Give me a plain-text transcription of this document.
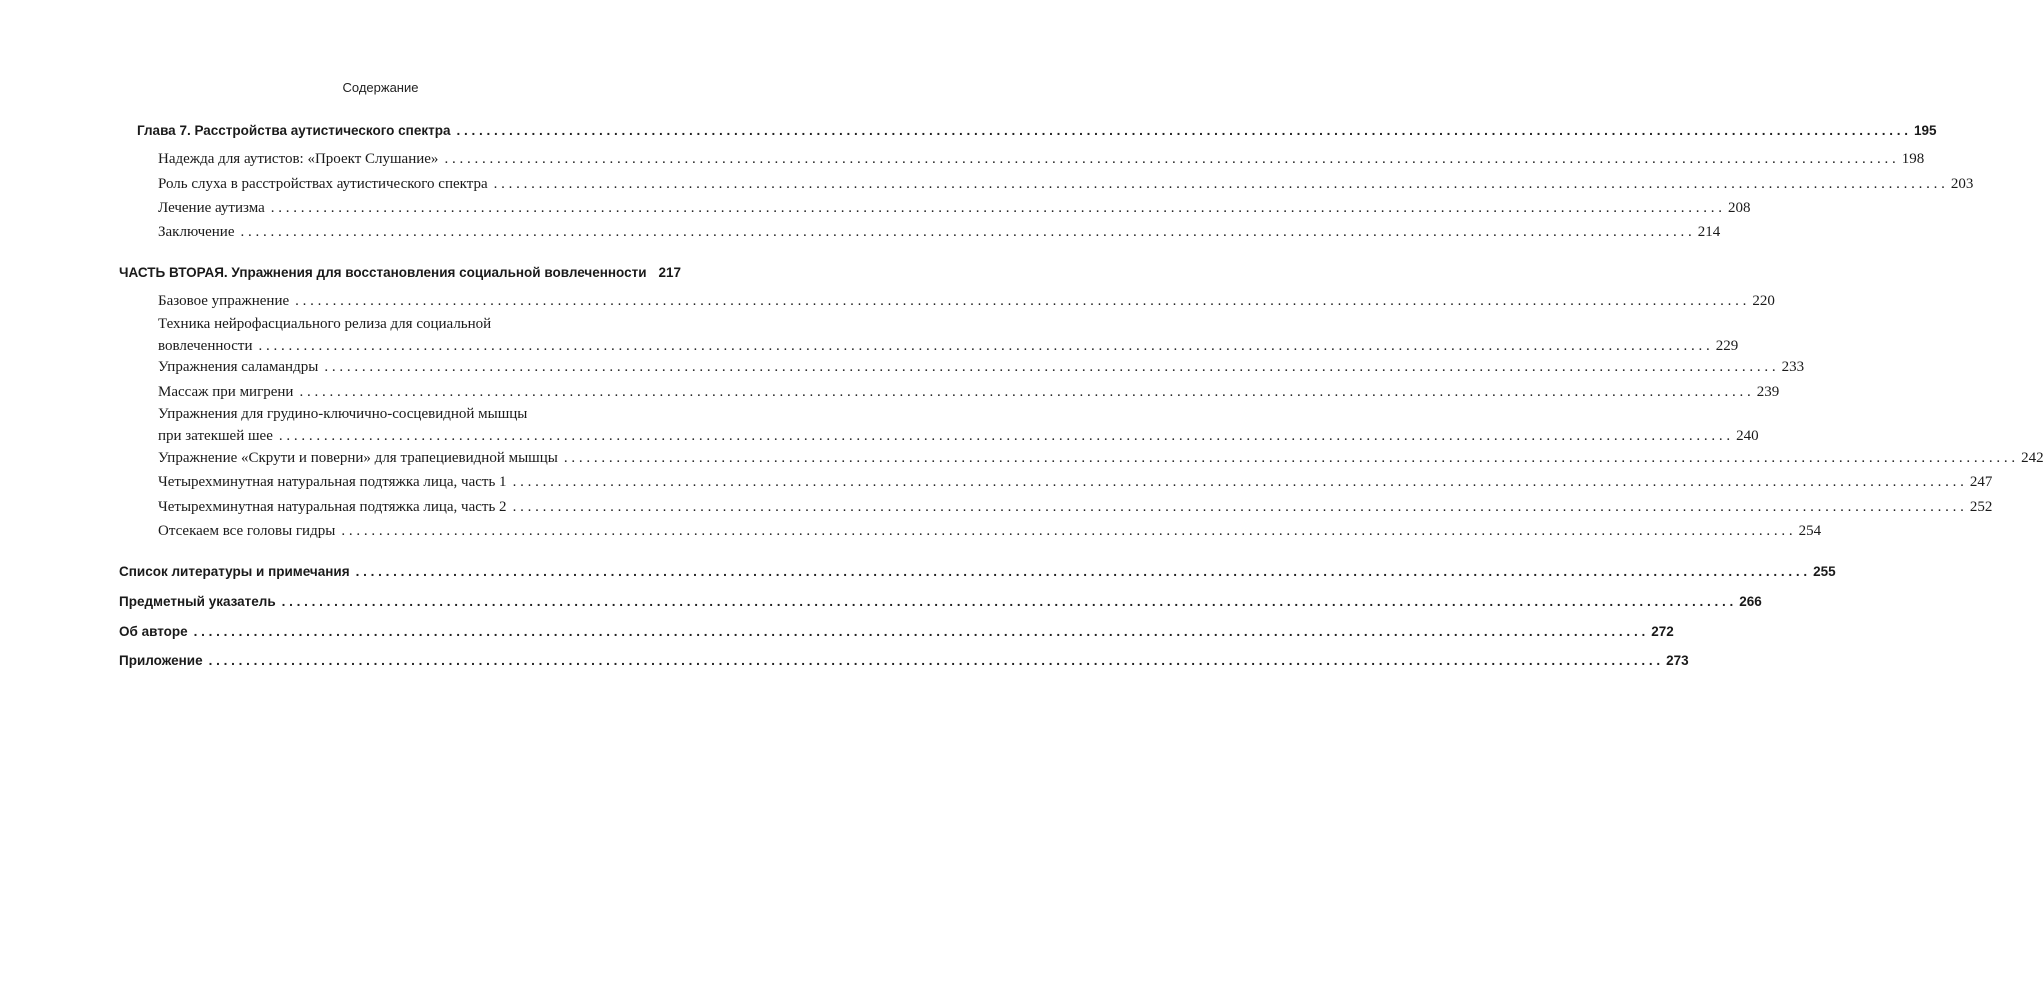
Содержание
Глава 7. Расстройства аутистического спектра . . .	195
Надежда для аутистов: «Проект Слушание» . . .	198
Роль слуха в расстройствах аутистического спектра . . .	203
Лечение аутизма . . .	208
Заключение . . .	214
ЧАСТЬ ВТОРАЯ. Упражнения для восстановления социальной вовлеченности 217
Базовое упражнение . . .	220
Техника нейрофасциального релиза для социальной
вовлеченности . . .	229
Упражнения саламандры . . .	233
Массаж при мигрени . . .	239
Упражнения для грудино-ключично-сосцевидной мышцы
при затекшей шее . . .	240
Упражнение «Скрути и поверни» для трапециевидной мышцы . . .	242
Четырехминутная натуральная подтяжка лица, часть 1 . . .	247
Четырехминутная натуральная подтяжка лица, часть 2 . . .	252
Отсекаем все головы гидры . . .	254
Список литературы и примечания . . .	255
Предметный указатель . . .	266
Об авторе . . .	272
Приложение . . .	273
